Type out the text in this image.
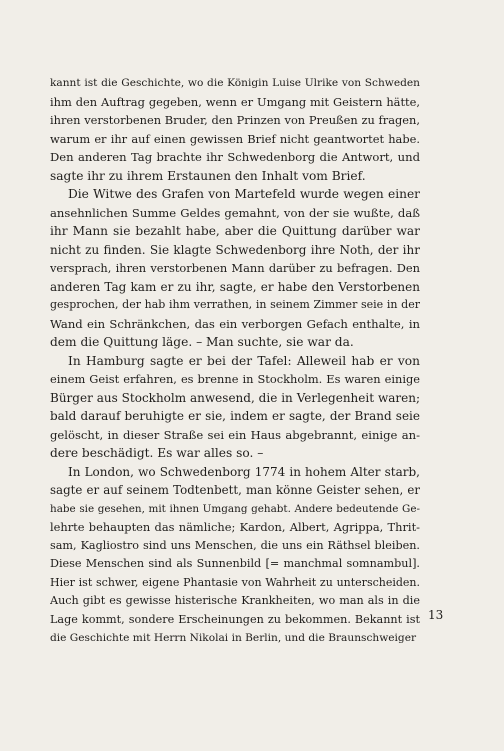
kannt ist die Geschichte, wo die Königin Luise Ulrike von Schweden
ihm den Auftrag gegeben, wenn er Umgang mit Geistern hätte,
ihren verstorbenen Bruder, den Prinzen von Preußen zu fragen,
warum er ihr auf einen gewissen Brief nicht geantwortet habe.
Den anderen Tag brachte ihr Schwedenborg die Antwort, und
sagte ihr zu ihrem Erstaunen den Inhalt vom Brief.
Die Witwe des Grafen von Martefeld wurde wegen einer
ansehnlichen Summe Geldes gemahnt, von der sie wußte, daß
ihr Mann sie bezahlt habe, aber die Quittung darüber war
nicht zu finden. Sie klagte Schwedenborg ihre Noth, der ihr
versprach, ihren verstorbenen Mann darüber zu befragen. Den
anderen Tag kam er zu ihr, sagte, er habe den Verstorbenen
gesprochen, der hab ihm verrathen, in seinem Zimmer seie in der
Wand ein Schränkchen, das ein verborgen Gefach enthalte, in
dem die Quittung läge. – Man suchte, sie war da.
In Hamburg sagte er bei der Tafel: Alleweil hab er von
einem Geist erfahren, es brenne in Stockholm. Es waren einige
Bürger aus Stockholm anwesend, die in Verlegenheit waren;
bald darauf beruhigte er sie, indem er sagte, der Brand seie
gelöscht, in dieser Straße sei ein Haus abgebrannt, einige an-
dere beschädigt. Es war alles so. –
In London, wo Schwedenborg 1774 in hohem Alter starb,
sagte er auf seinem Todtenbett, man könne Geister sehen, er
habe sie gesehen, mit ihnen Umgang gehabt. Andere bedeutende Ge-
lehrte behaupten das nämliche; Kardon, Albert, Agrippa, Thrit-
sam, Kagliostro sind uns Menschen, die uns ein Räthsel bleiben.
Diese Menschen sind als Sunnenbild [= manchmal somnambul].
Hier ist schwer, eigene Phantasie von Wahrheit zu unterscheiden.
Auch gibt es gewisse histerische Krankheiten, wo man als in die
Lage kommt, sondere Erscheinungen zu bekommen. Bekannt ist
die Geschichte mit Herrn Nikolai in Berlin, und die Braunschweiger
13
